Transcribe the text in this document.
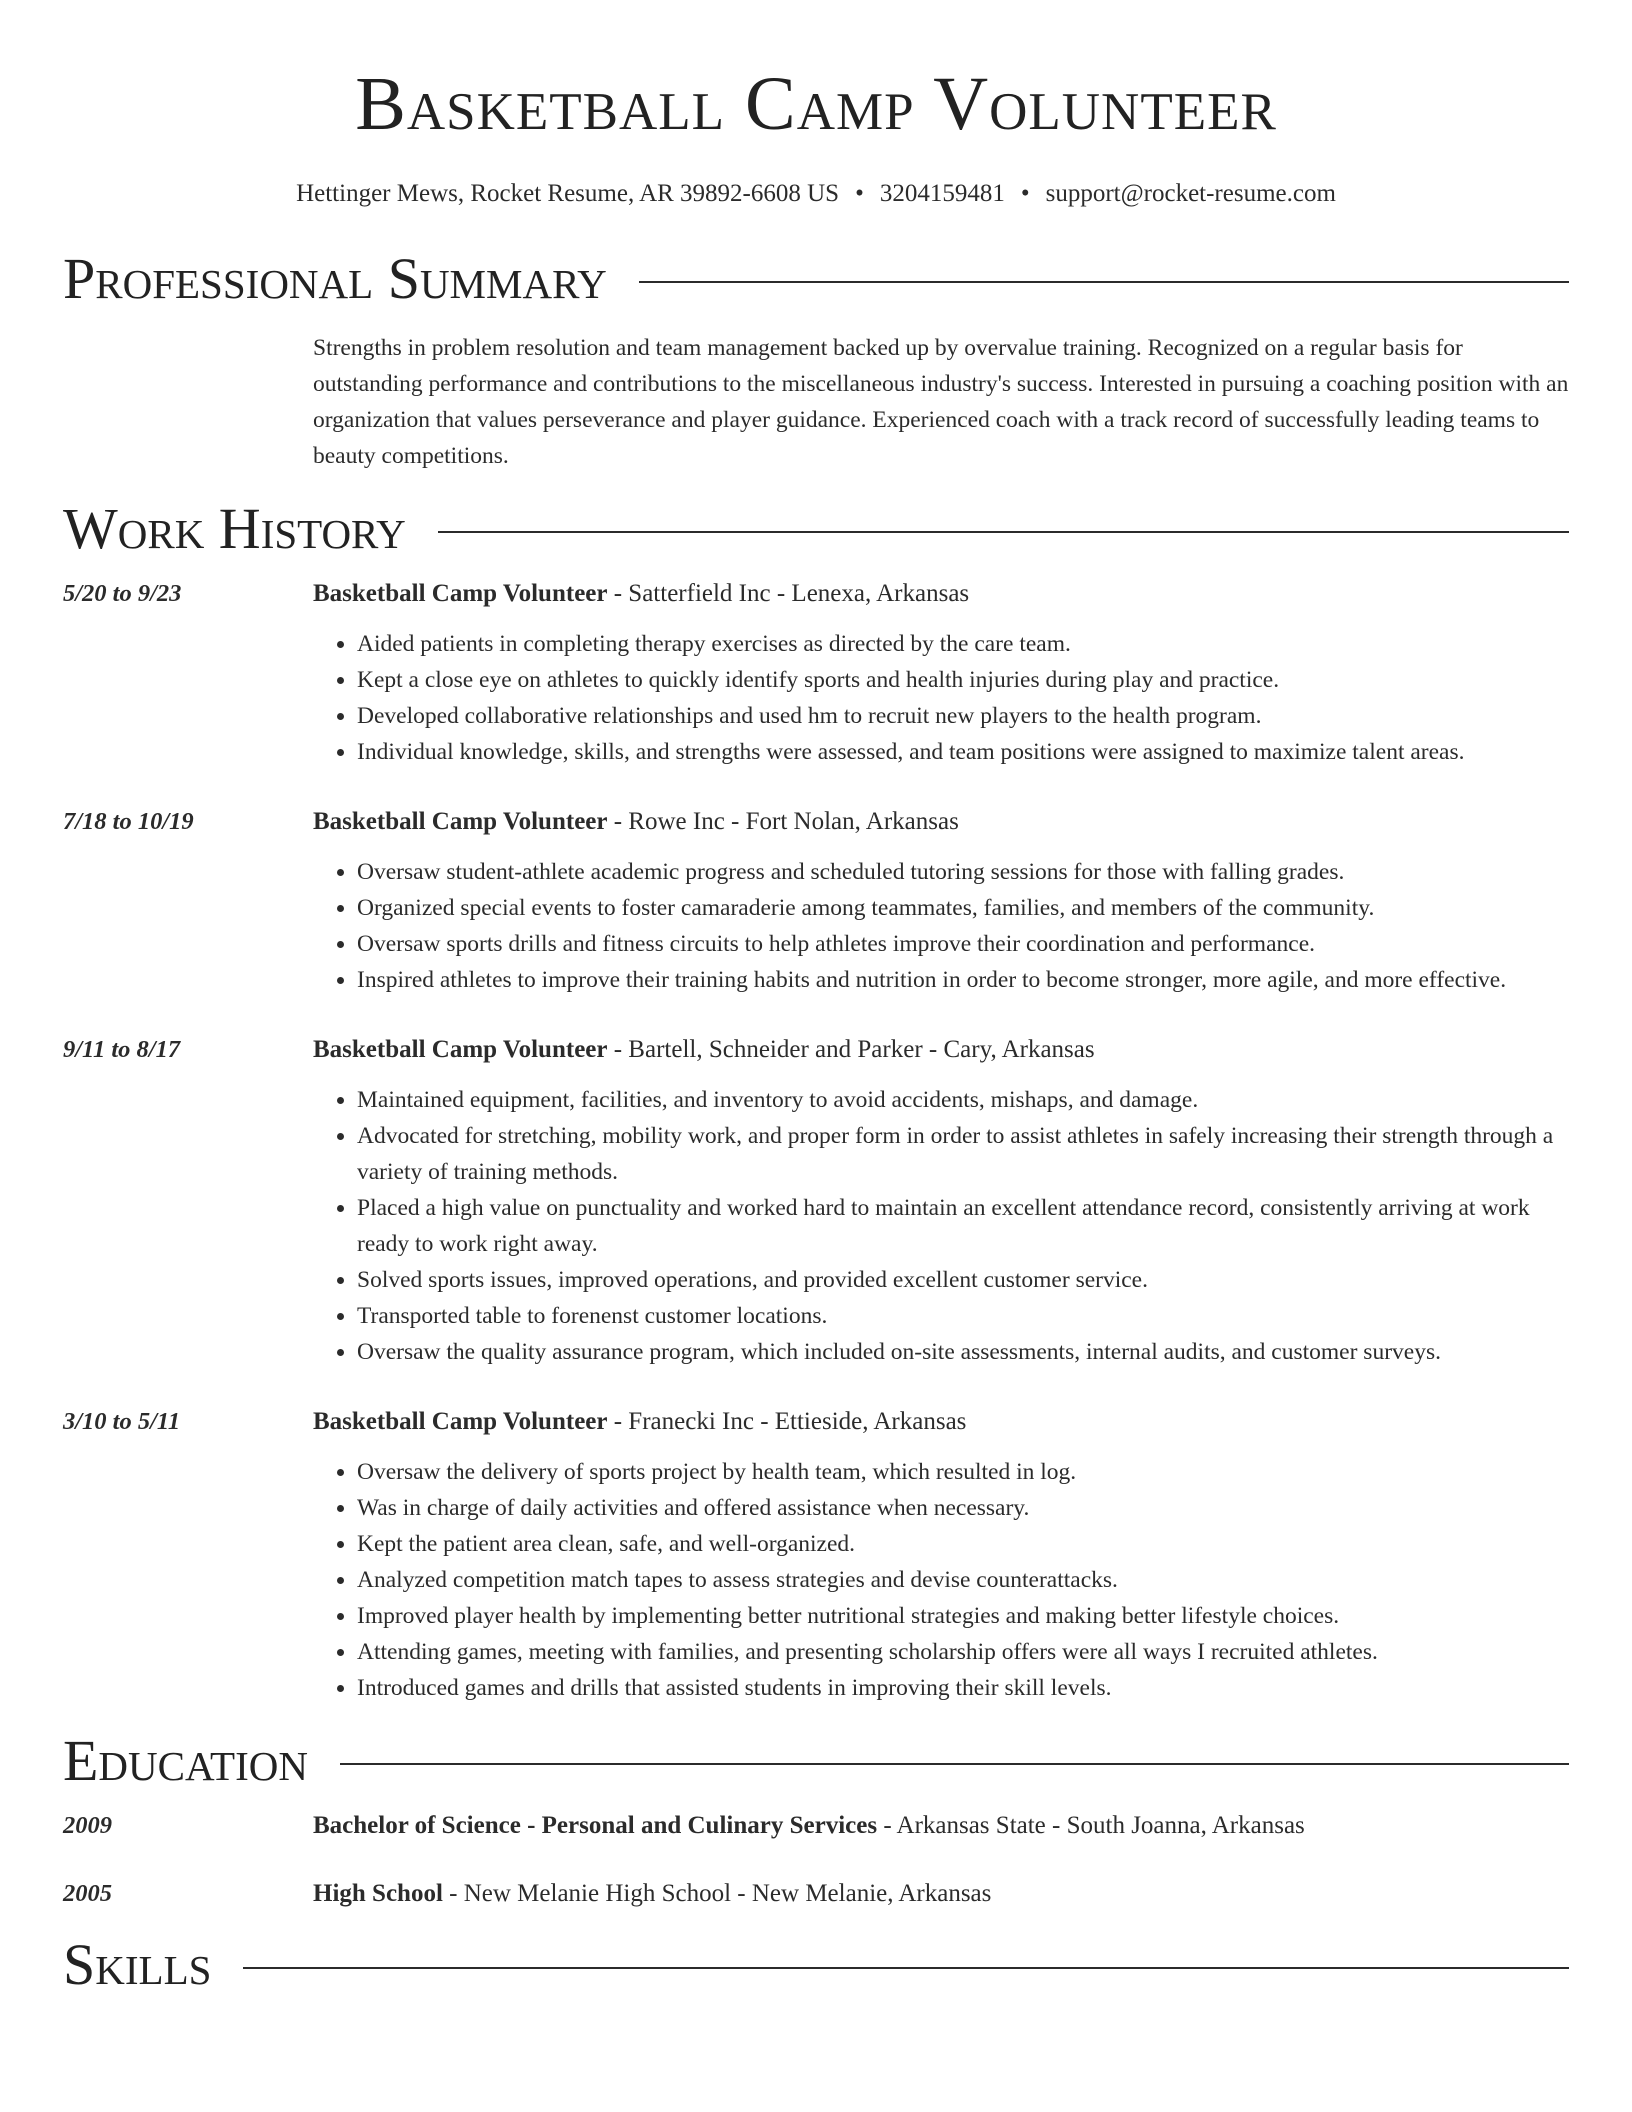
Basketball Camp Volunteer
Hettinger Mews, Rocket Resume, AR 39892-6608 US • 3204159481 • support@rocket-resume.com
Professional Summary
Strengths in problem resolution and team management backed up by overvalue training. Recognized on a regular basis for outstanding performance and contributions to the miscellaneous industry's success. Interested in pursuing a coaching position with an organization that values perseverance and player guidance. Experienced coach with a track record of successfully leading teams to beauty competitions.
Work History
5/20 to 9/23	Basketball Camp Volunteer - Satterfield Inc - Lenexa, Arkansas
• Aided patients in completing therapy exercises as directed by the care team.
• Kept a close eye on athletes to quickly identify sports and health injuries during play and practice.
• Developed collaborative relationships and used hm to recruit new players to the health program.
• Individual knowledge, skills, and strengths were assessed, and team positions were assigned to maximize talent areas.
7/18 to 10/19	Basketball Camp Volunteer - Rowe Inc - Fort Nolan, Arkansas
• Oversaw student-athlete academic progress and scheduled tutoring sessions for those with falling grades.
• Organized special events to foster camaraderie among teammates, families, and members of the community.
• Oversaw sports drills and fitness circuits to help athletes improve their coordination and performance.
• Inspired athletes to improve their training habits and nutrition in order to become stronger, more agile, and more effective.
9/11 to 8/17	Basketball Camp Volunteer - Bartell, Schneider and Parker - Cary, Arkansas
• Maintained equipment, facilities, and inventory to avoid accidents, mishaps, and damage.
• Advocated for stretching, mobility work, and proper form in order to assist athletes in safely increasing their strength through a variety of training methods.
• Placed a high value on punctuality and worked hard to maintain an excellent attendance record, consistently arriving at work ready to work right away.
• Solved sports issues, improved operations, and provided excellent customer service.
• Transported table to forenenst customer locations.
• Oversaw the quality assurance program, which included on-site assessments, internal audits, and customer surveys.
3/10 to 5/11	Basketball Camp Volunteer - Franecki Inc - Ettieside, Arkansas
• Oversaw the delivery of sports project by health team, which resulted in log.
• Was in charge of daily activities and offered assistance when necessary.
• Kept the patient area clean, safe, and well-organized.
• Analyzed competition match tapes to assess strategies and devise counterattacks.
• Improved player health by implementing better nutritional strategies and making better lifestyle choices.
• Attending games, meeting with families, and presenting scholarship offers were all ways I recruited athletes.
• Introduced games and drills that assisted students in improving their skill levels.
Education
2009	Bachelor of Science - Personal and Culinary Services - Arkansas State - South Joanna, Arkansas
2005	High School - New Melanie High School - New Melanie, Arkansas
Skills
